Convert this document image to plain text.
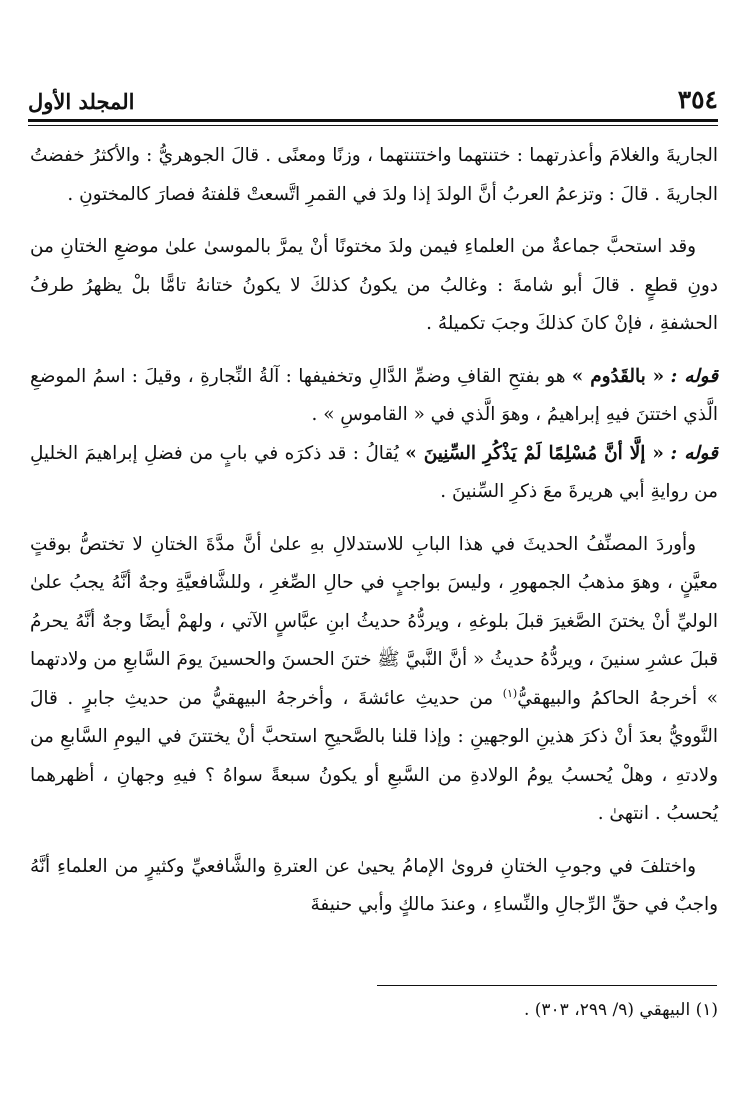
٣٥٤
المجلد الأول

الجاريةَ والغلامَ وأعذرتهما : ختنتهما واختتنتهما ، وزنًا ومعنًى . قالَ الجوهريُّ : والأكثرُ خفضتُ الجاريةَ . قالَ : وتزعمُ العربُ أنَّ الولدَ إذا ولدَ في القمرِ اتَّسعتْ قلفتهُ فصارَ كالمختونِ .

وقد استحبَّ جماعةٌ من العلماءِ فيمن ولدَ مختونًا أنْ يمرَّ بالموسىٰ علىٰ موضعِ الختانِ من دونِ قطعٍ . قالَ أبو شامةَ : وغالبُ من يكونُ كذلكَ لا يكونُ ختانهُ تامًّا بلْ يظهرُ طرفُ الحشفةِ ، فإنْ كانَ كذلكَ وجبَ تكميلهُ .

قوله : « بالقَدُوم » هو بفتحِ القافِ وضمِّ الدَّالِ وتخفيفها : آلةُ النِّجارةِ ، وقيلَ : اسمُ الموضعِ الَّذي اختتنَ فيهِ إبراهيمُ ، وهوَ الَّذي في « القاموسِ » .

قوله : « إلَّا أنَّ مُسْلِمًا لَمْ يَذْكُرِ السِّنِينَ » يُقالُ : قد ذكرَه في بابٍ من فضلِ إبراهيمَ الخليلِ من روايةِ أبي هريرةَ معَ ذكرِ السِّنينَ .

وأوردَ المصنِّفُ الحديثَ في هذا البابِ للاستدلالِ بهِ علىٰ أنَّ مدَّةَ الختانِ لا تختصُّ بوقتٍ معيَّنٍ ، وهوَ مذهبُ الجمهورِ ، وليسَ بواجبٍ في حالِ الصِّغرِ ، وللشَّافعيَّةِ وجهٌ أنَّهُ يجبُ علىٰ الوليِّ أنْ يختنَ الصَّغيرَ قبلَ بلوغهِ ، ويردُّهُ حديثُ ابنِ عبَّاسٍ الآتي ، ولهمْ أيضًا وجهٌ أنَّهُ يحرمُ قبلَ عشرِ سنينَ ، ويردُّهُ حديثُ « أنَّ النَّبيَّ ﷺ ختنَ الحسنَ والحسينَ يومَ السَّابعِ من ولادتهما » أخرجهُ الحاكمُ والبيهقيُّ$^{(١)}$ من حديثِ عائشةَ ، وأخرجهُ البيهقيُّ من حديثِ جابرٍ . قالَ النَّوويُّ بعدَ أنْ ذكرَ هذينِ الوجهينِ : وإذا قلنا بالصَّحيحِ استحبَّ أنْ يختتنَ في اليومِ السَّابعِ من ولادتهِ ، وهلْ يُحسبُ يومُ الولادةِ من السَّبعِ أو يكونُ سبعةً سواهُ ؟ فيهِ وجهانِ ، أظهرهما يُحسبُ . انتهىٰ .

واختلفَ في وجوبِ الختانِ فروىٰ الإمامُ يحيىٰ عن العترةِ والشَّافعيِّ وكثيرٍ من العلماءِ أنَّهُ واجبٌ في حقِّ الرِّجالِ والنِّساءِ ، وعندَ مالكٍ وأبي حنيفةَ

(١) البيهقي (٩/ ٢٩٩، ٣٠٣) .
